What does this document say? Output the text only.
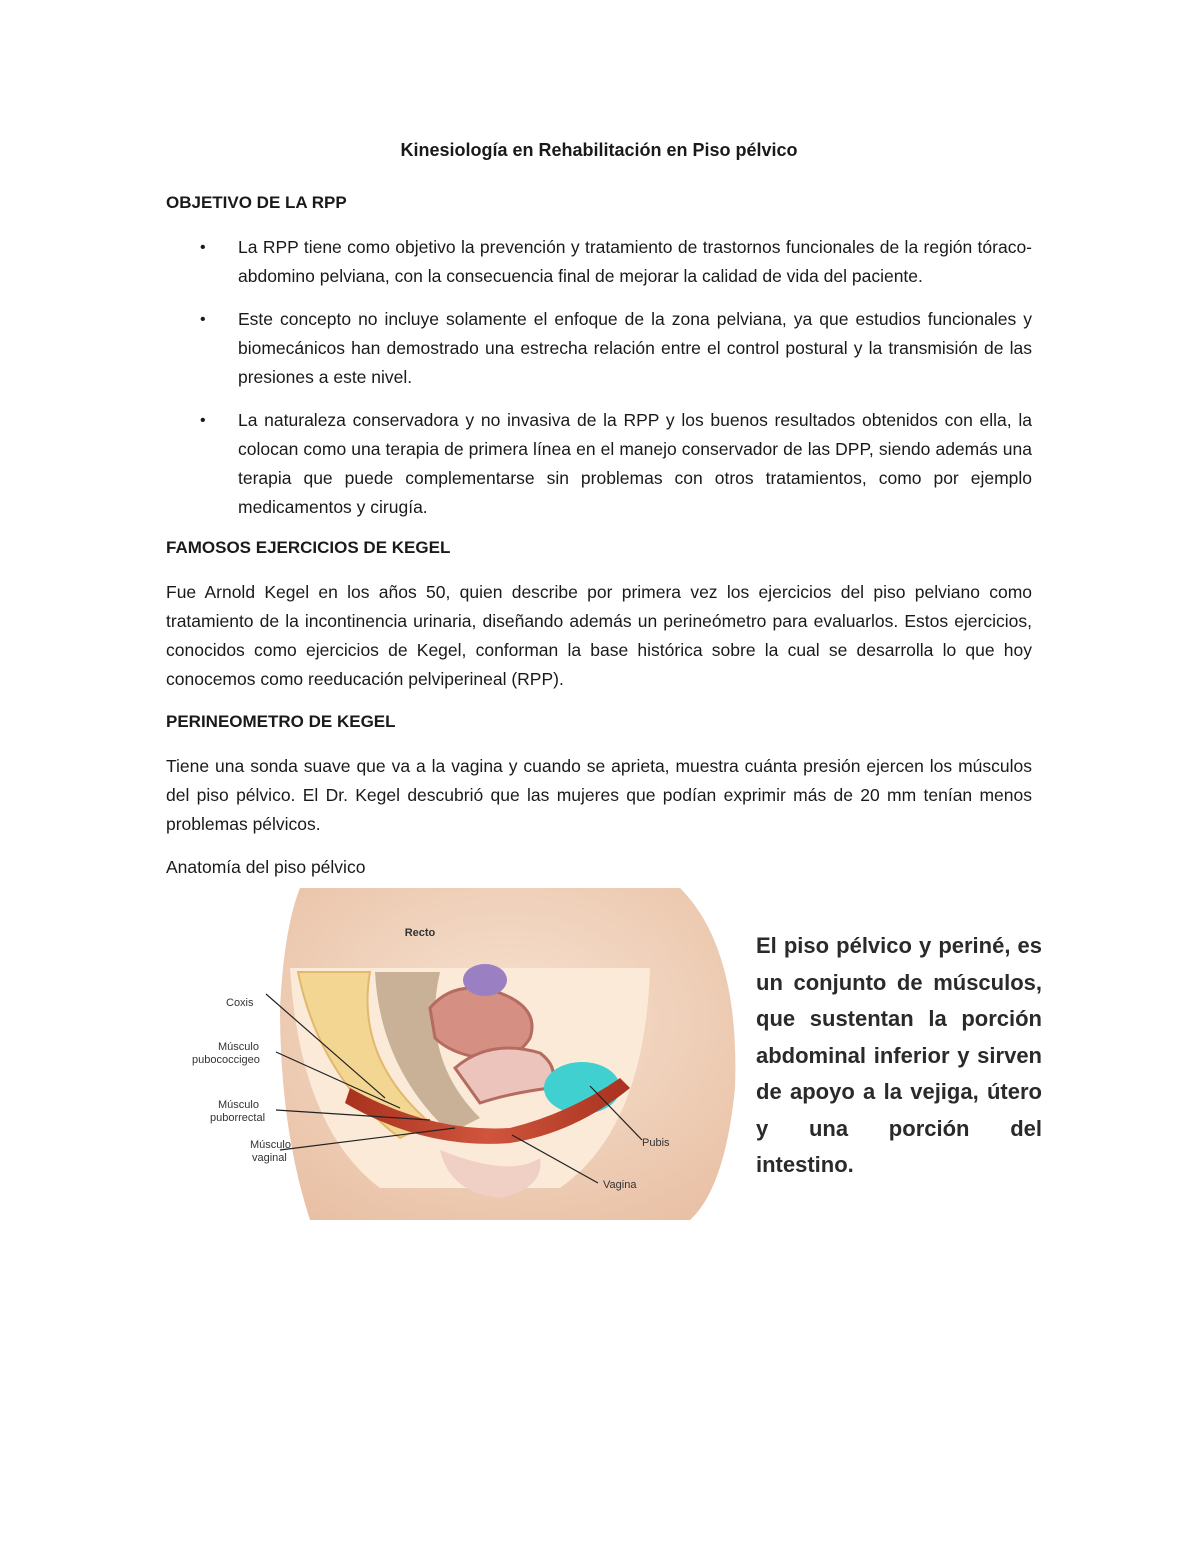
Kinesiología en Rehabilitación en Piso pélvico
OBJETIVO DE LA RPP
• La RPP tiene como objetivo la prevención y tratamiento de trastornos funcionales de la región tóraco-abdomino pelviana, con la consecuencia final de mejorar la calidad de vida del paciente.
• Este concepto no incluye solamente el enfoque de la zona pelviana, ya que estudios funcionales y biomecánicos han demostrado una estrecha relación entre el control postural y la transmisión de las presiones a este nivel.
• La naturaleza conservadora y no invasiva de la RPP y los buenos resultados obtenidos con ella, la colocan como una terapia de primera línea en el manejo conservador de las DPP, siendo además una terapia que puede complementarse sin problemas con otros tratamientos, como por ejemplo medicamentos y cirugía.
FAMOSOS EJERCICIOS DE KEGEL

Fue Arnold Kegel en los años 50, quien describe por primera vez los ejercicios del piso pelviano como tratamiento de la incontinencia urinaria, diseñando además un perineómetro para evaluarlos. Estos ejercicios, conocidos como ejercicios de Kegel, conforman la base histórica sobre la cual se desarrolla lo que hoy conocemos como reeducación pelviperineal (RPP).

PERINEOMETRO DE KEGEL

Tiene una sonda suave que va a la vagina y cuando se aprieta, muestra cuánta presión ejercen los músculos del piso pélvico. El Dr. Kegel descubrió que las mujeres que podían exprimir más de 20 mm tenían menos problemas pélvicos.

Anatomía del piso pélvico
Recto
Coxis
Músculo
pubococcigeo
Músculo
puborrectal
Músculo
vaginal
Pubis
Vagina
El piso pélvico y periné, es un conjunto de músculos, que sustentan la porción abdominal inferior y sirven de apoyo a la vejiga, útero y una porción del intestino.
